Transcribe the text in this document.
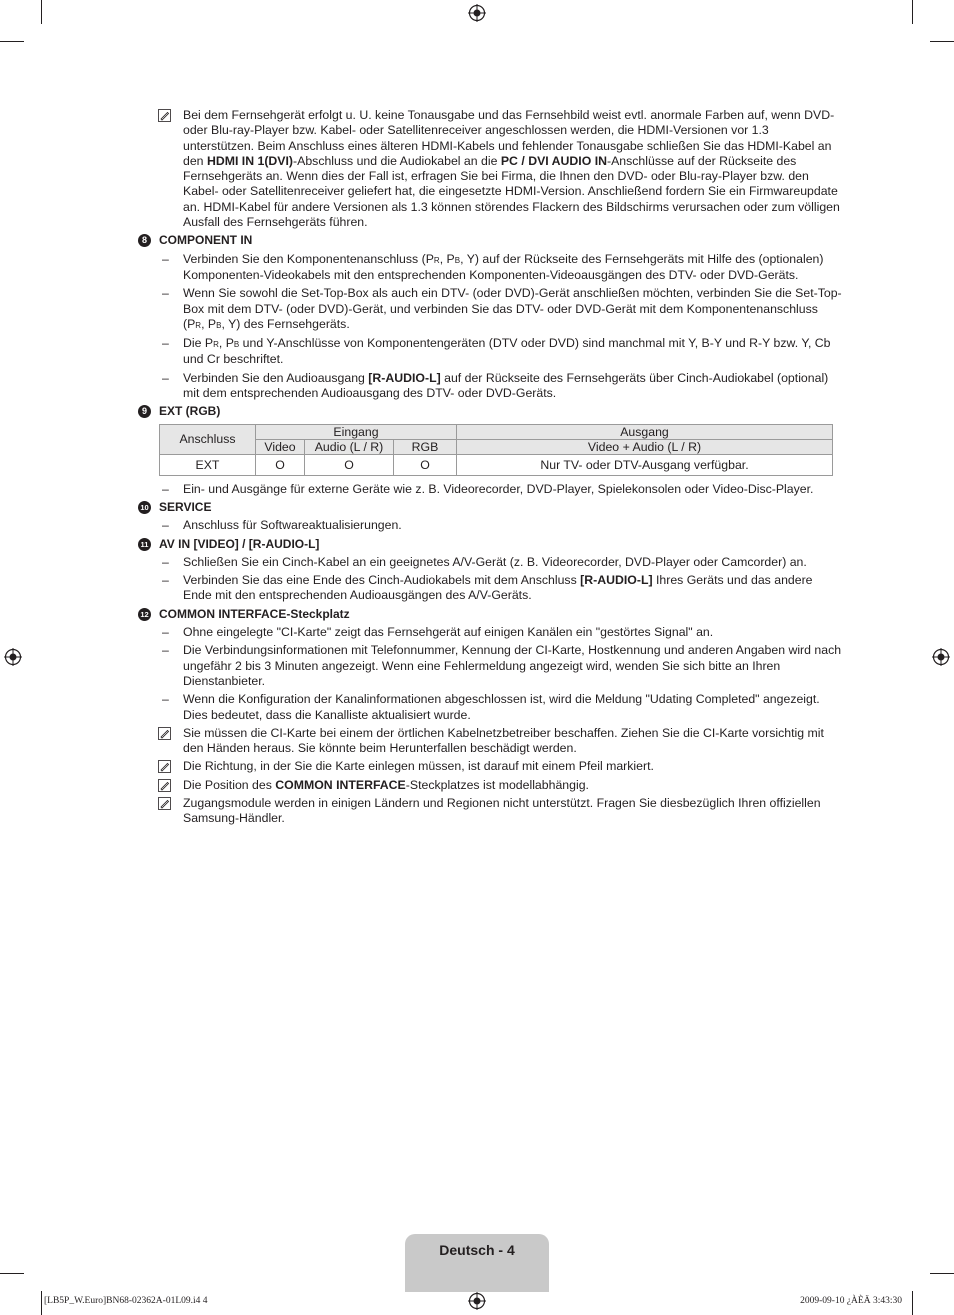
Bei dem Fernsehgerät erfolgt u. U. keine Tonausgabe und das Fernsehbild weist evtl. anormale Farben auf, wenn DVD- oder Blu-ray-Player bzw. Kabel- oder Satellitenreceiver angeschlossen werden, die HDMI-Versionen vor 1.3 unterstützen. Beim Anschluss eines älteren HDMI-Kabels und fehlender Tonausgabe schließen Sie das HDMI-Kabel an den HDMI IN 1(DVI)-Abschluss und die Audiokabel an die PC / DVI AUDIO IN-Anschlüsse auf der Rückseite des Fernsehgeräts an. Wenn dies der Fall ist, erfragen Sie bei Firma, die Ihnen den DVD- oder Blu-ray-Player bzw. den Kabel- oder Satellitenreceiver geliefert hat, die eingesetzte HDMI-Version. Anschließend fordern Sie ein Firmwareupdate an. HDMI-Kabel für andere Versionen als 1.3 können störendes Flackern des Bildschirms verursachen oder zum völligen Ausfall des Fernsehgeräts führen.
8	COMPONENT IN
– Verbinden Sie den Komponentenanschluss (PR, PB, Y) auf der Rückseite des Fernsehgeräts mit Hilfe des (optionalen) Komponenten-Videokabels mit den entsprechenden Komponenten-Videoausgängen des DTV- oder DVD-Geräts.
– Wenn Sie sowohl die Set-Top-Box als auch ein DTV- (oder DVD)-Gerät anschließen möchten, verbinden Sie die Set-Top-Box mit dem DTV- (oder DVD)-Gerät, und verbinden Sie das DTV- oder DVD-Gerät mit dem Komponentenanschluss (PR, PB, Y) des Fernsehgeräts.
– Die PR, PB und Y-Anschlüsse von Komponentengeräten (DTV oder DVD) sind manchmal mit Y, B-Y und R-Y bzw. Y, Cb und Cr beschriftet.
– Verbinden Sie den Audioausgang [R-AUDIO-L] auf der Rückseite des Fernsehgeräts über Cinch-Audiokabel (optional) mit dem entsprechenden Audioausgang des DTV- oder DVD-Geräts.
9	EXT (RGB)
Anschluss	Eingang			Ausgang
	Video	Audio (L / R)	RGB	Video + Audio (L / R)
EXT	O	O	O	Nur TV- oder DTV-Ausgang verfügbar.
– Ein- und Ausgänge für externe Geräte wie z. B. Videorecorder, DVD-Player, Spielekonsolen oder Video-Disc-Player.
10 SERVICE
– Anschluss für Softwareaktualisierungen.
11 AV IN [VIDEO] / [R-AUDIO-L]
– Schließen Sie ein Cinch-Kabel an ein geeignetes A/V-Gerät (z. B. Videorecorder, DVD-Player oder Camcorder) an.
– Verbinden Sie das eine Ende des Cinch-Audiokabels mit dem Anschluss [R-AUDIO-L] Ihres Geräts und das andere Ende mit den entsprechenden Audioausgängen des A/V-Geräts.
12 COMMON INTERFACE-Steckplatz
– Ohne eingelegte "CI-Karte" zeigt das Fernsehgerät auf einigen Kanälen ein "gestörtes Signal" an.
– Die Verbindungsinformationen mit Telefonnummer, Kennung der CI-Karte, Hostkennung und anderen Angaben wird nach ungefähr 2 bis 3 Minuten angezeigt. Wenn eine Fehlermeldung angezeigt wird, wenden Sie sich bitte an Ihren Dienstanbieter.
– Wenn die Konfiguration der Kanalinformationen abgeschlossen ist, wird die Meldung "Udating Completed" angezeigt. Dies bedeutet, dass die Kanalliste aktualisiert wurde.
Sie müssen die CI-Karte bei einem der örtlichen Kabelnetzbetreiber beschaffen. Ziehen Sie die CI-Karte vorsichtig mit den Händen heraus. Sie könnte beim Herunterfallen beschädigt werden.
Die Richtung, in der Sie die Karte einlegen müssen, ist darauf mit einem Pfeil markiert.
Die Position des COMMON INTERFACE-Steckplatzes ist modellabhängig.
Zugangsmodule werden in einigen Ländern und Regionen nicht unterstützt. Fragen Sie diesbezüglich Ihren offiziellen Samsung-Händler.
Deutsch - 4
[LB5P_W.Euro]BN68-02362A-01L09.i4 4	2009-09-10 ¿ÀÈÄ 3:43:30
